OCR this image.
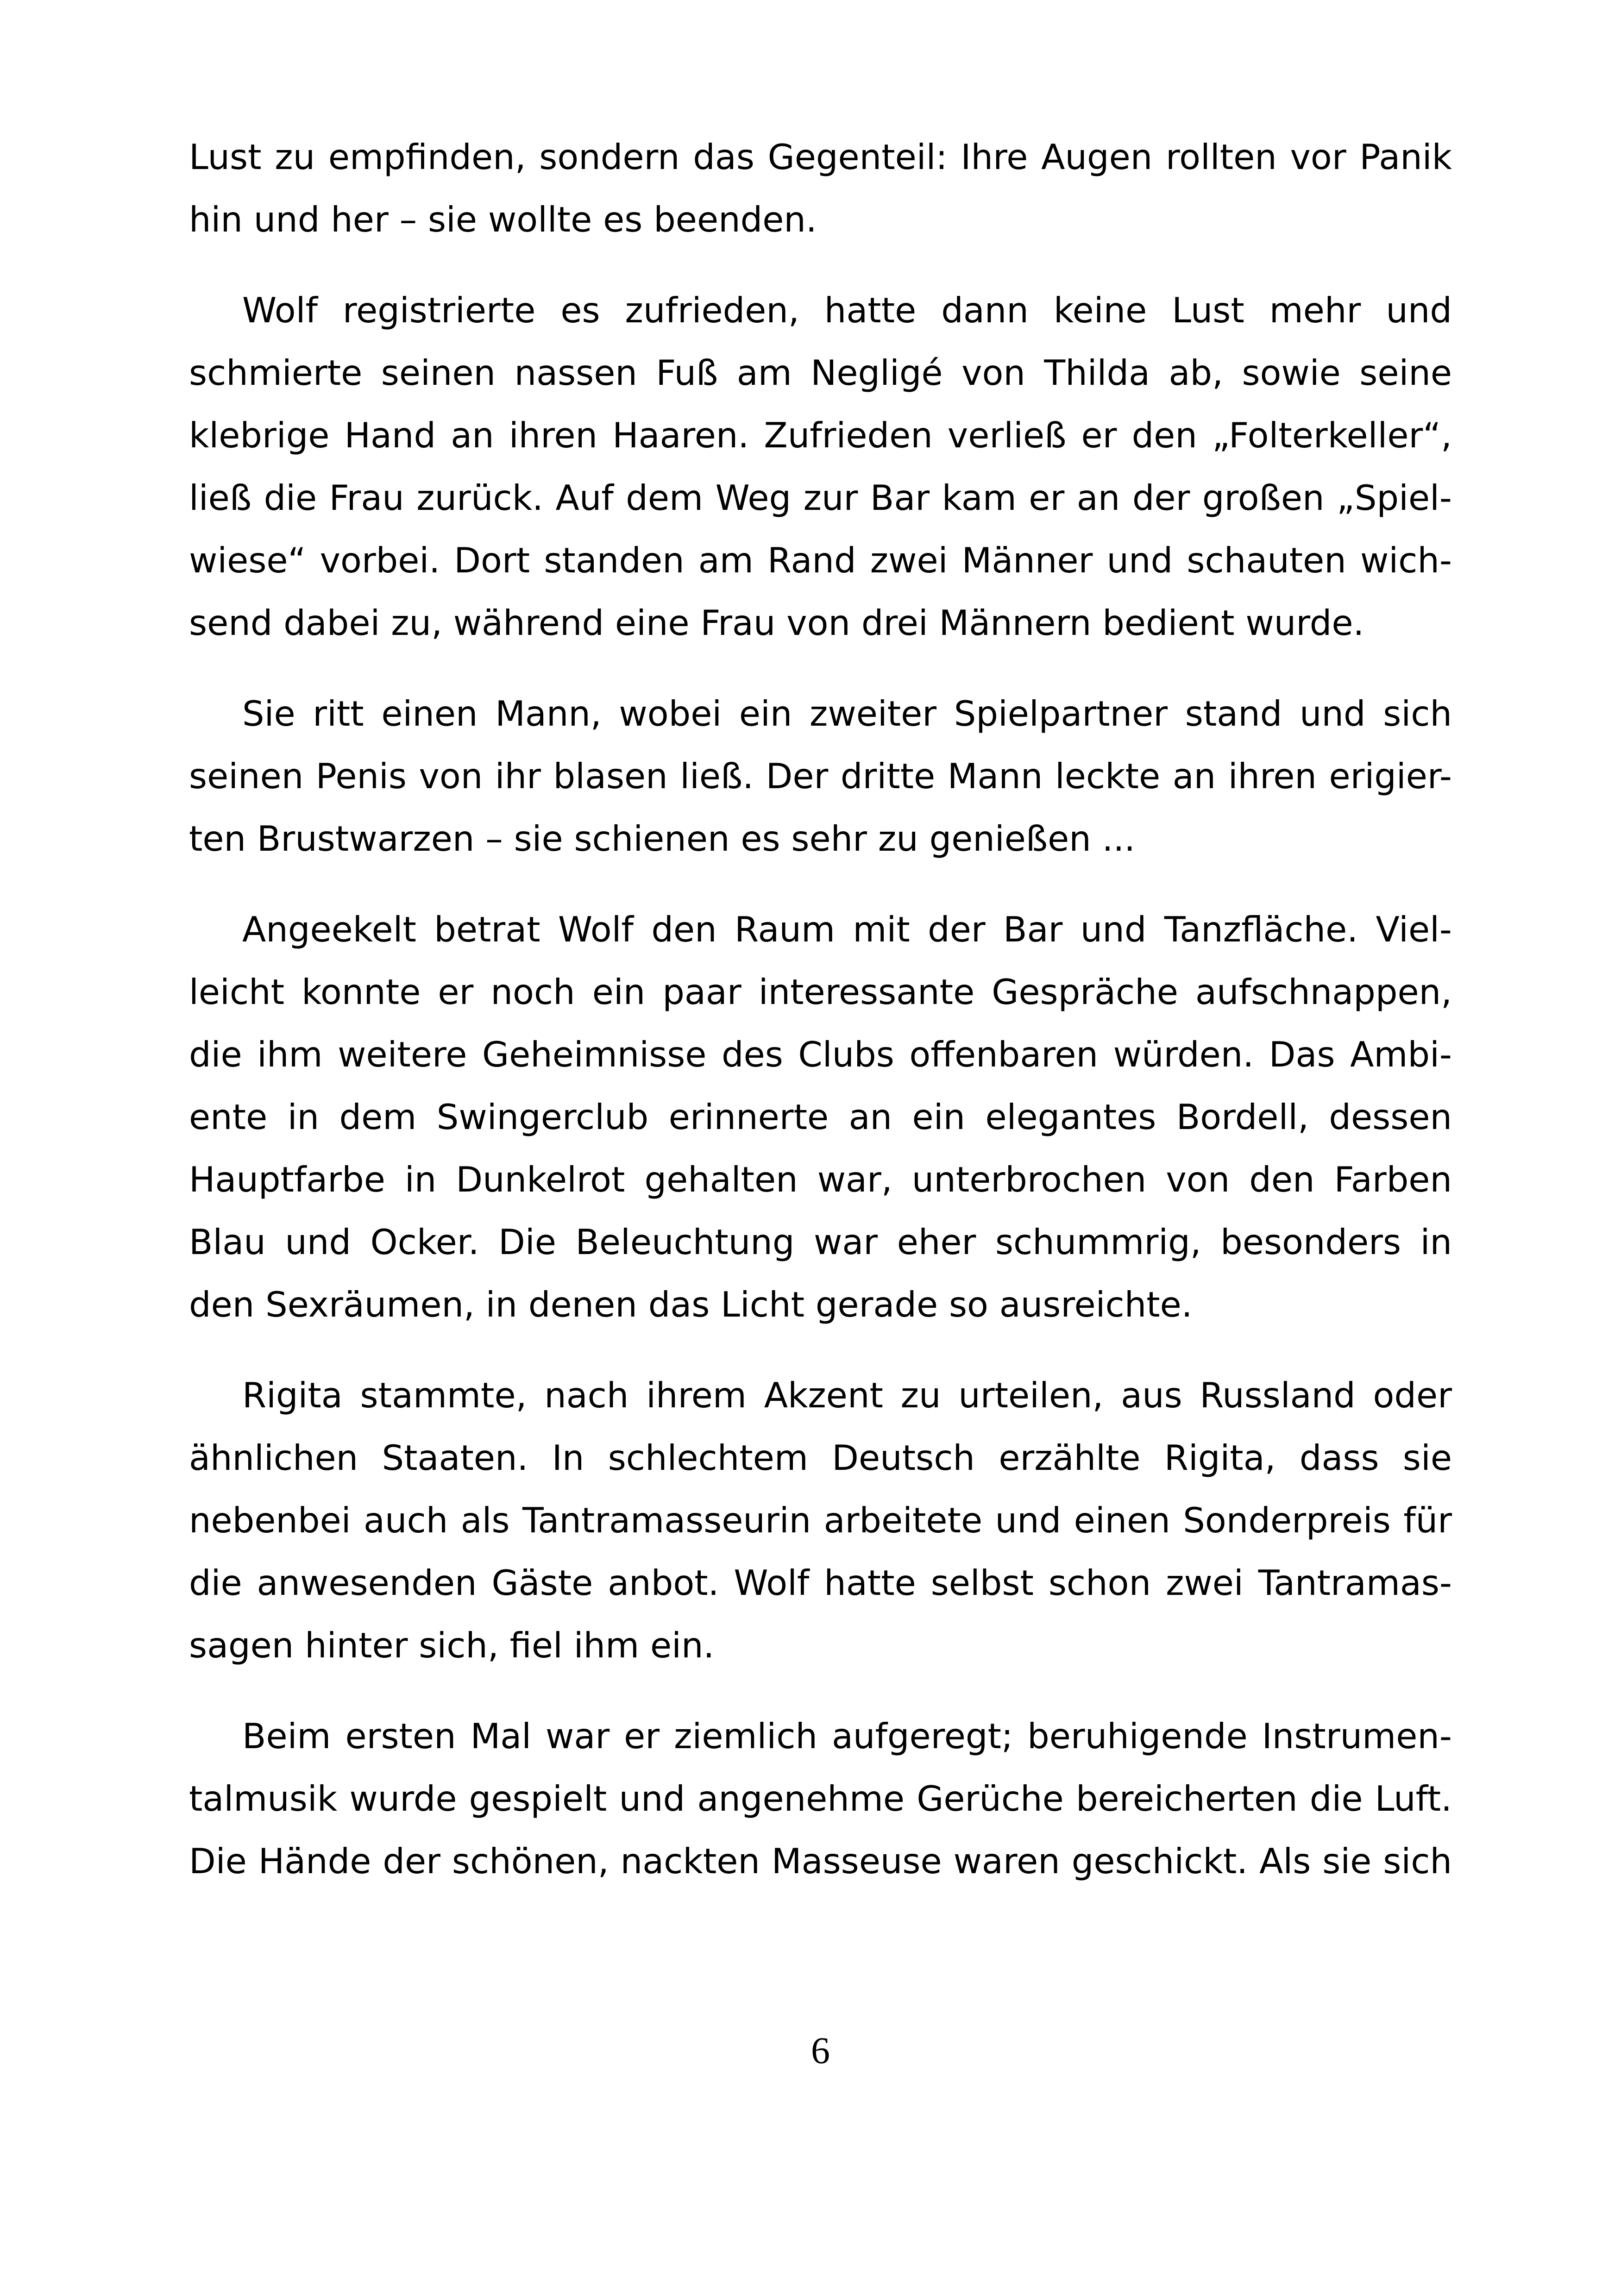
Lust zu empfinden, sondern das Gegenteil: Ihre Augen rollten vor Panik
hin und her – sie wollte es beenden.
Wolf registrierte es zufrieden, hatte dann keine Lust mehr und
schmierte seinen nassen Fuß am Negligé von Thilda ab, sowie seine
klebrige Hand an ihren Haaren. Zufrieden verließ er den „Folterkeller“,
ließ die Frau zurück. Auf dem Weg zur Bar kam er an der großen „Spiel-
wiese“ vorbei. Dort standen am Rand zwei Männer und schauten wich-
send dabei zu, während eine Frau von drei Männern bedient wurde.
Sie ritt einen Mann, wobei ein zweiter Spielpartner stand und sich
seinen Penis von ihr blasen ließ. Der dritte Mann leckte an ihren erigier-
ten Brustwarzen – sie schienen es sehr zu genießen ...
Angeekelt betrat Wolf den Raum mit der Bar und Tanzfläche. Viel-
leicht konnte er noch ein paar interessante Gespräche aufschnappen,
die ihm weitere Geheimnisse des Clubs offenbaren würden. Das Ambi-
ente in dem Swingerclub erinnerte an ein elegantes Bordell, dessen
Hauptfarbe in Dunkelrot gehalten war, unterbrochen von den Farben
Blau und Ocker. Die Beleuchtung war eher schummrig, besonders in
den Sexräumen, in denen das Licht gerade so ausreichte.
Rigita stammte, nach ihrem Akzent zu urteilen, aus Russland oder
ähnlichen Staaten. In schlechtem Deutsch erzählte Rigita, dass sie
nebenbei auch als Tantramasseurin arbeitete und einen Sonderpreis für
die anwesenden Gäste anbot. Wolf hatte selbst schon zwei Tantramas-
sagen hinter sich, fiel ihm ein.
Beim ersten Mal war er ziemlich aufgeregt; beruhigende Instrumen-
talmusik wurde gespielt und angenehme Gerüche bereicherten die Luft.
Die Hände der schönen, nackten Masseuse waren geschickt. Als sie sich
6
